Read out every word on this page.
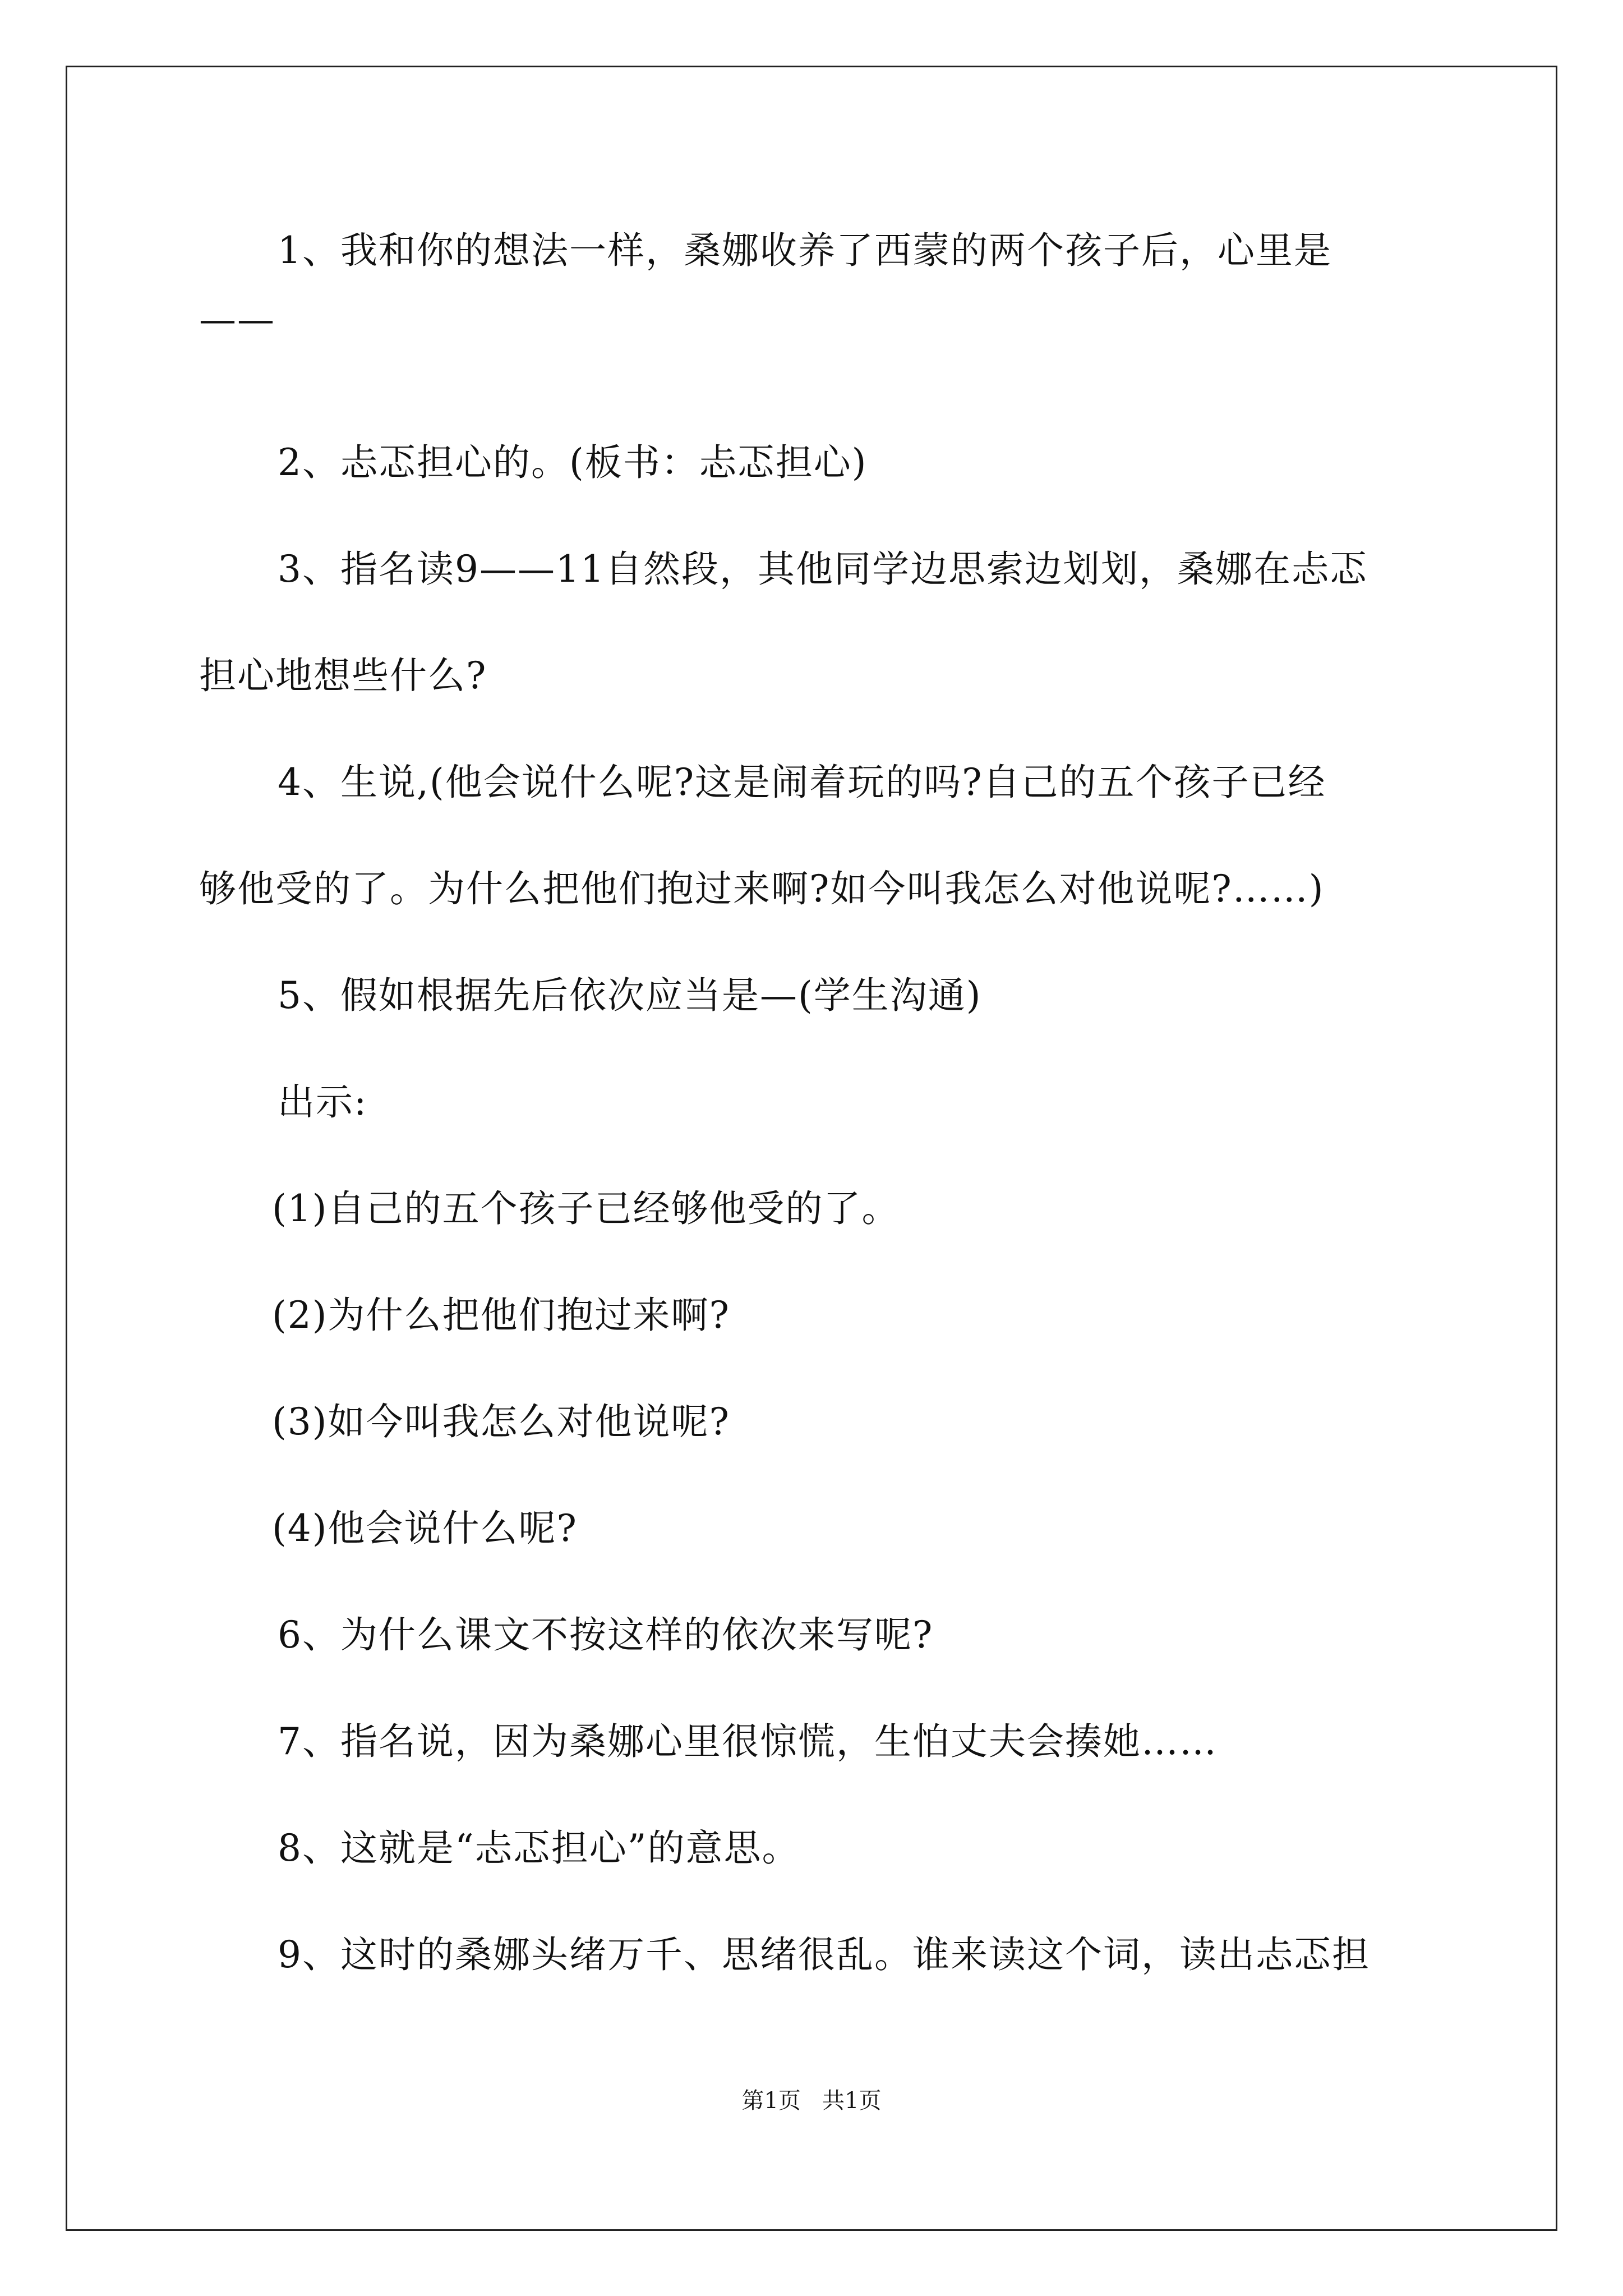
1、我和你的想法一样，桑娜收养了西蒙的两个孩子后，心里是
——
2、忐忑担心的。(板书：忐忑担心)
3、指名读9——11自然段，其他同学边思索边划划，桑娜在忐忑
担心地想些什么?
4、生说,(他会说什么呢?这是闹着玩的吗?自己的五个孩子已经
够他受的了。为什么把他们抱过来啊?如今叫我怎么对他说呢?……)
5、假如根据先后依次应当是—(学生沟通)
出示:
(1)自己的五个孩子已经够他受的了。
(2)为什么把他们抱过来啊?
(3)如今叫我怎么对他说呢?
(4)他会说什么呢?
6、为什么课文不按这样的依次来写呢?
7、指名说，因为桑娜心里很惊慌，生怕丈夫会揍她……
8、这就是“忐忑担心”的意思。
9、这时的桑娜头绪万千、思绪很乱。谁来读这个词，读出忐忑担
第1页   共1页
